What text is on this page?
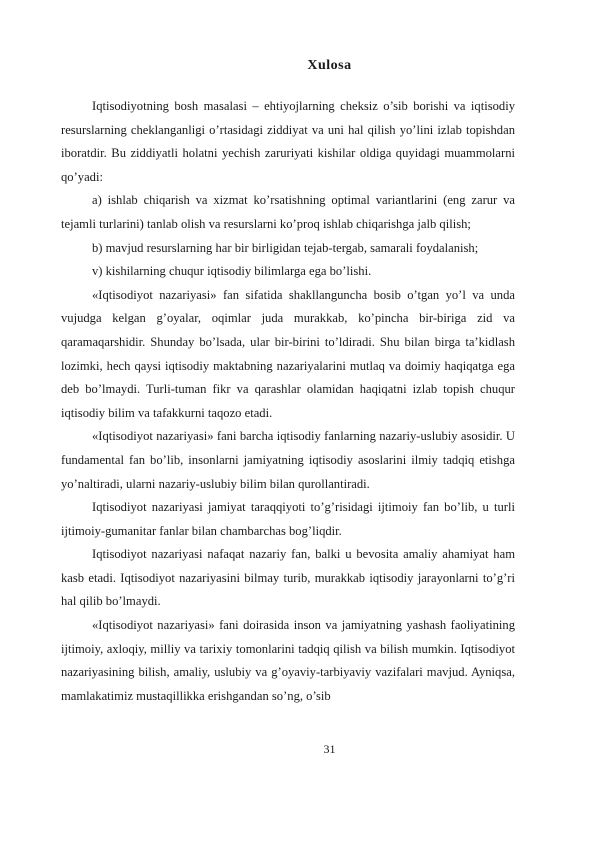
Xulosa

Iqtisodiyotning bosh masalasi – ehtiyojlarning cheksiz o’sib borishi va iqtisodiy resurslarning cheklanganligi o’rtasidagi ziddiyat va uni hal qilish yo’lini izlab topishdan iboratdir. Bu ziddiyatli holatni yechish zaruriyati kishilar oldiga quyidagi muammolarni qo’yadi:

a) ishlab chiqarish va xizmat ko’rsatishning optimal variantlarini (eng zarur va tejamli turlarini) tanlab olish va resurslarni ko’proq ishlab chiqarishga jalb qilish;

b) mavjud resurslarning har bir birligidan tejab-tergab, samarali foydalanish;

v) kishilarning chuqur iqtisodiy bilimlarga ega bo’lishi.

«Iqtisodiyot nazariyasi» fan sifatida shakllanguncha bosib o’tgan yo’l va unda vujudga kelgan g’oyalar, oqimlar juda murakkab, ko’pincha bir-biriga zid va qaramaqarshidir. Shunday bo’lsada, ular bir-birini to’ldiradi. Shu bilan birga ta’kidlash lozimki, hech qaysi iqtisodiy maktabning nazariyalarini mutlaq va doimiy haqiqatga ega deb bo’lmaydi. Turli-tuman fikr va qarashlar olamidan haqiqatni izlab topish chuqur iqtisodiy bilim va tafakkurni taqozo etadi.

«Iqtisodiyot nazariyasi» fani barcha iqtisodiy fanlarning nazariy-uslubiy asosidir. U fundamental fan bo’lib, insonlarni jamiyatning iqtisodiy asoslarini ilmiy tadqiq etishga yo’naltiradi, ularni nazariy-uslubiy bilim bilan qurollantiradi.

Iqtisodiyot nazariyasi jamiyat taraqqiyoti to’g’risidagi ijtimoiy fan bo’lib, u turli ijtimoiy-gumanitar fanlar bilan chambarchas bog’liqdir.

Iqtisodiyot nazariyasi nafaqat nazariy fan, balki u bevosita amaliy ahamiyat ham kasb etadi. Iqtisodiyot nazariyasini bilmay turib, murakkab iqtisodiy jarayonlarni to’g’ri hal qilib bo’lmaydi.

«Iqtisodiyot nazariyasi» fani doirasida inson va jamiyatning yashash faoliyatining ijtimoiy, axloqiy, milliy va tarixiy tomonlarini tadqiq qilish va bilish mumkin. Iqtisodiyot nazariyasining bilish, amaliy, uslubiy va g’oyaviy-tarbiyaviy vazifalari mavjud. Ayniqsa, mamlakatimiz mustaqillikka erishgandan so’ng, o’sib

31
